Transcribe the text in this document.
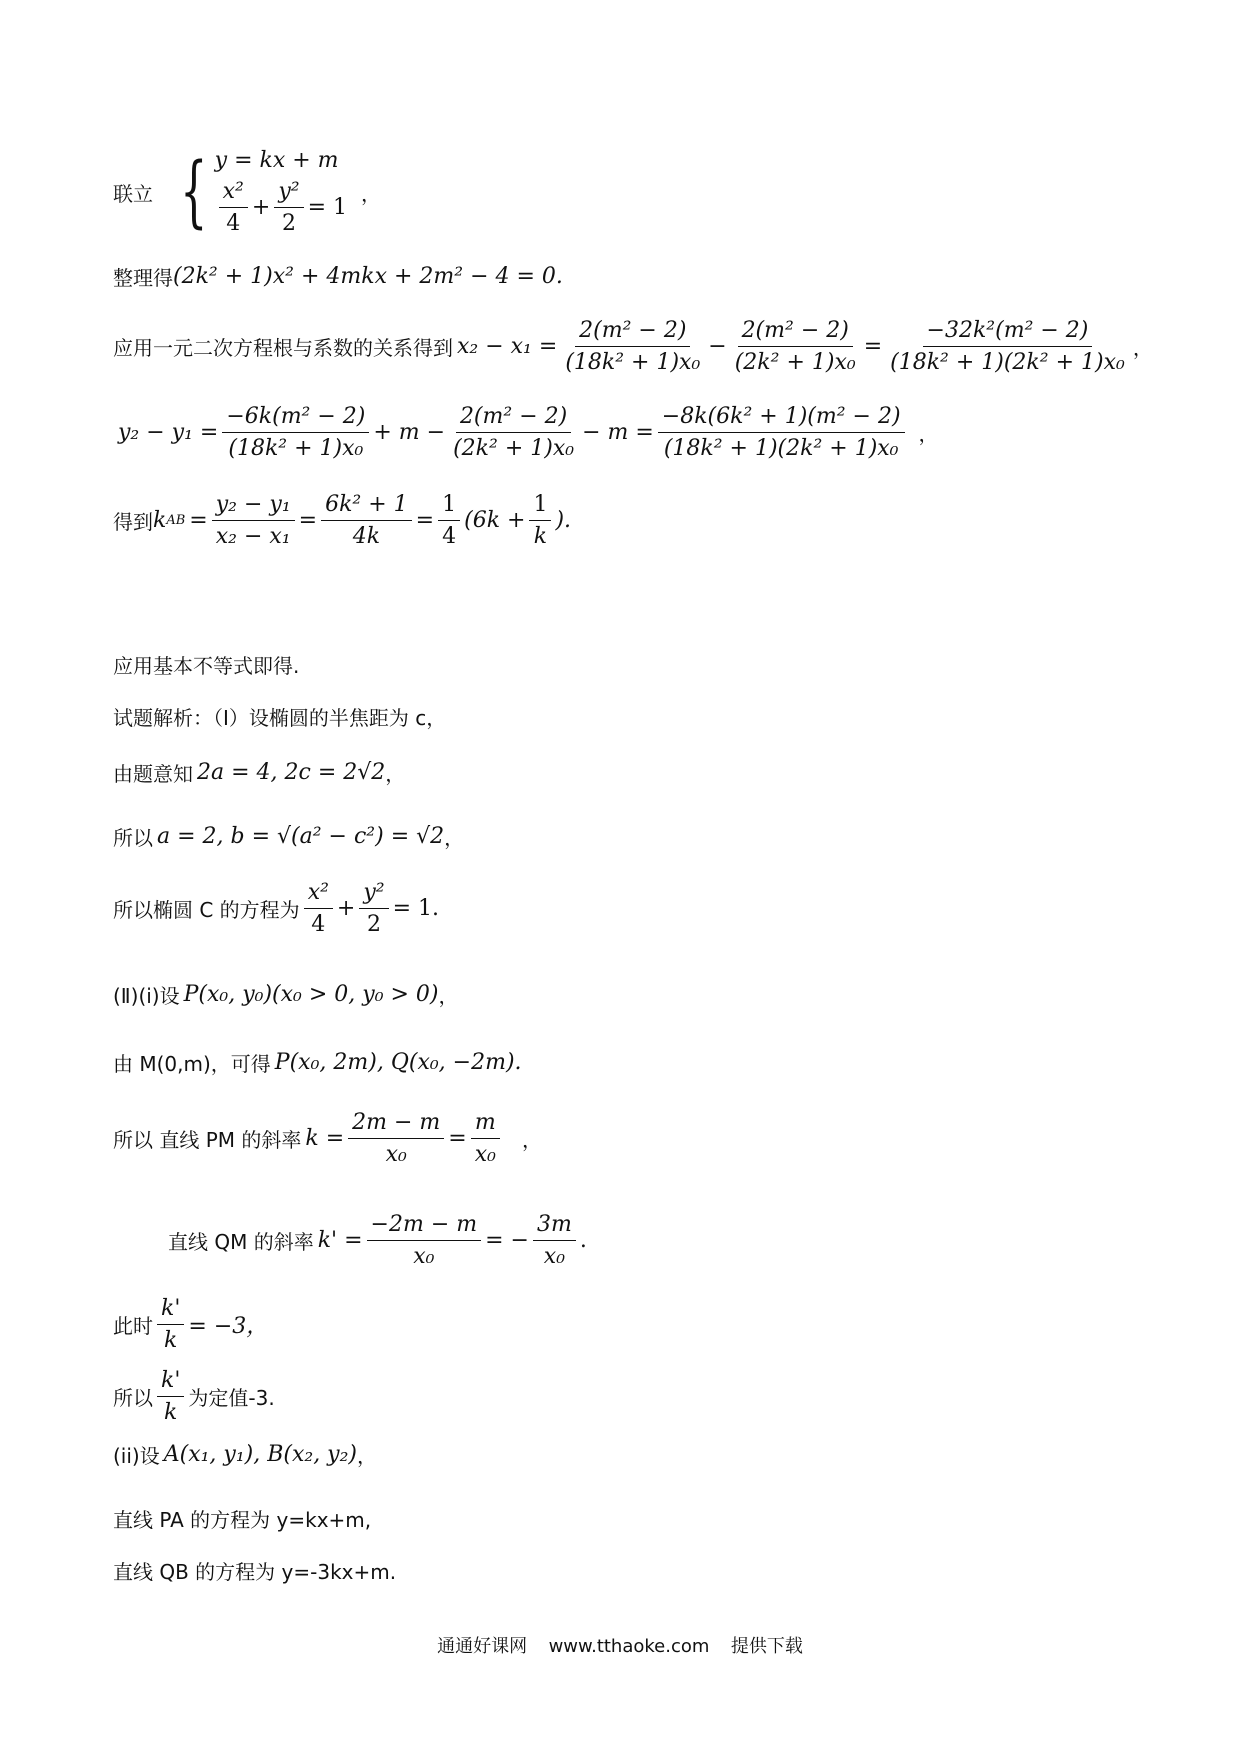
联立 { y = kx + m
$\frac{\text{x²}}{4} + \frac{\text{y²}}{2} = 1$
，
整理得 (2k² + 1)x² + 4mkx + 2m² − 4 = 0.
应用一元二次方程根与系数的关系得到 $x_2 - x_1 = \frac{\text{2(m² − 2)}}{\text{(18k² + 1)x₀}} - \frac{\text{2(m² − 2)}}{\text{(2k² + 1)x₀}} = \frac{\text{−32k²(m² − 2)}}{\text{(18k² + 1)(2k² + 1)x₀}}$ ，
$y_2 - y_1 = \frac{\text{−6k(m² − 2)}}{\text{(18k² + 1)x₀}} + m - \frac{\text{2(m² − 2)}}{\text{(2k² + 1)x₀}} - m = \frac{\text{−8k(6k² + 1)(m² − 2)}}{\text{(18k² + 1)(2k² + 1)x₀}}$ ，
得到 k AB = $\frac{\text{y₂ − y₁}}{\text{x₂ − x₁}} = \frac{\text{6k² + 1}}{4k} = \frac{1}{4} (6k + \frac{1}{k}$ ).
应用基本不等式即得.
试题解析：（Ⅰ）设椭圆的半焦距为 c，
由题意知 2a = 4, 2c = 2√2 ，
所以 a = 2, b = √(a² − c²) = √2 ，
所以椭圆 C 的方程为 $\frac{\text{x²}}{4} + \frac{\text{y²}}{2} = 1$.
(Ⅱ)(i)设 P(x₀, y₀)(x₀ > 0, y₀ > 0) ，
由 M(0,m)，可得 P(x₀, 2m), Q(x₀, −2m).
所以 直线 PM 的斜率 $k = \frac{2m - m}{\text{x₀}} = \frac{m}{\text{x₀}}$ ，
直线 QM 的斜率 $k' = \frac{-2m - m}{\text{x₀}}$ = − $\frac{3m}{\text{x₀}}$ .
此时 $\frac{k'}{k} = -3$，
所以 $\frac{k'}{k}$ 为定值-3.
(ii)设 A(x₁, y₁), B(x₂, y₂) ，
直线 PA 的方程为 y=kx+m,
直线 QB 的方程为 y=-3kx+m.
通通好课网 www.tthaoke.com 提供下载
